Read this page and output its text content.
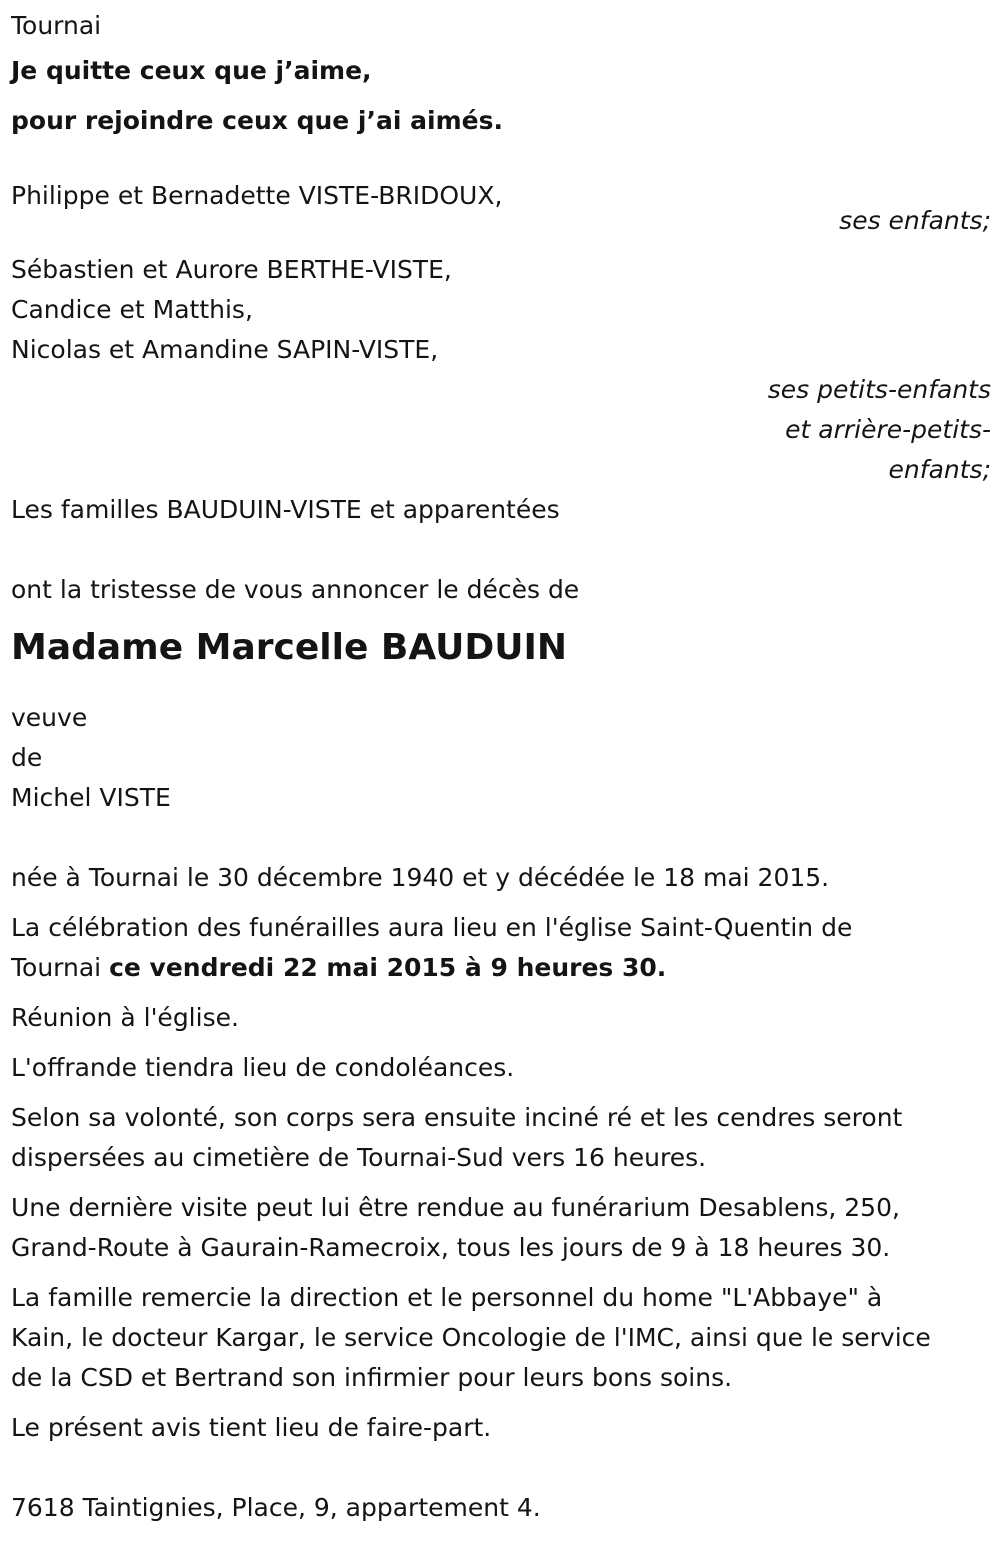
Tournai
Je quitte ceux que j’aime,
pour rejoindre ceux que j’ai aimés.
Philippe et Bernadette VISTE-BRIDOUX,
ses enfants;
Sébastien et Aurore BERTHE-VISTE,
Candice et Matthis,
Nicolas et Amandine SAPIN-VISTE,
ses petits-enfants
et arrière-petits-
enfants;
Les familles BAUDUIN-VISTE et apparentées
ont la tristesse de vous annoncer le décès de
Madame Marcelle BAUDUIN
veuve
de
Michel VISTE
née à Tournai le 30 décembre 1940 et y décédée le 18 mai 2015.
La célébration des funérailles aura lieu en l'église Saint-Quentin de
Tournai ce vendredi 22 mai 2015 à 9 heures 30.
Réunion à l'église.
L'offrande tiendra lieu de condoléances.
Selon sa volonté, son corps sera ensuite inciné ré et les cendres seront
dispersées au cimetière de Tournai-Sud vers 16 heures.
Une dernière visite peut lui être rendue au funérarium Desablens, 250,
Grand-Route à Gaurain-Ramecroix, tous les jours de 9 à 18 heures 30.
La famille remercie la direction et le personnel du home "L'Abbaye" à
Kain, le docteur Kargar, le service Oncologie de l'IMC, ainsi que le service
de la CSD et Bertrand son infirmier pour leurs bons soins.
Le présent avis tient lieu de faire-part.
7618 Taintignies, Place, 9, appartement 4.
